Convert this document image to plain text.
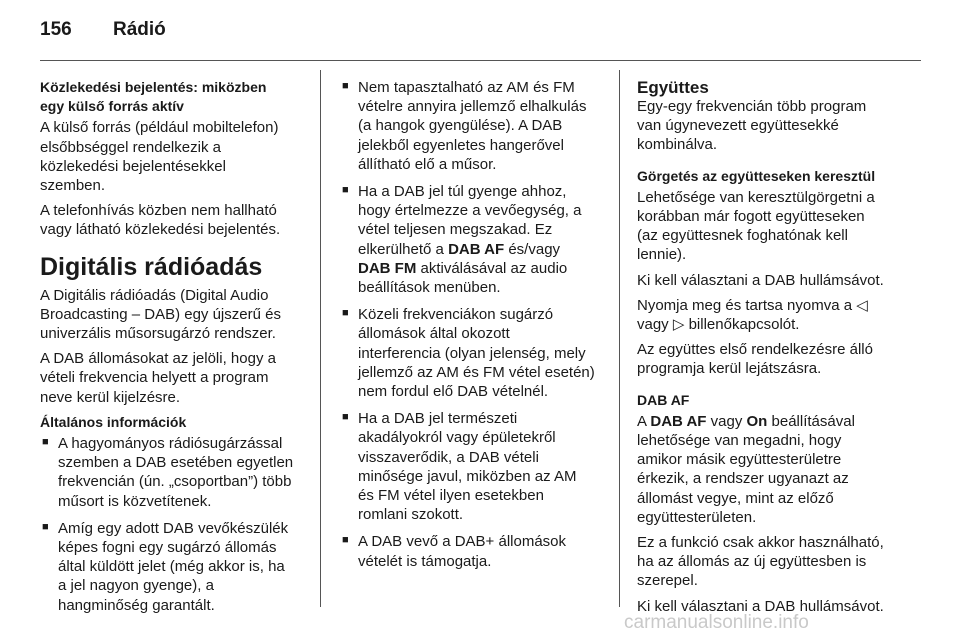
156 Rádió
Közlekedési bejelentés: miközben
egy külső forrás aktív

A külső forrás (például mobiltelefon)
elsőbbséggel rendelkezik a
közlekedési bejelentésekkel
szemben.

A telefonhívás közben nem hallható
vagy látható közlekedési bejelentés.

Digitális rádióadás

A Digitális rádióadás (Digital Audio
Broadcasting – DAB) egy újszerű és
univerzális műsorsugárzó rendszer.

A DAB állomásokat az jelöli, hogy a
vételi frekvencia helyett a program
neve kerül kijelzésre.

Általános információk
■ A hagyományos rádiósugárzással
szemben a DAB esetében egyetlen
frekvencián (ún. „csoportban”) több
műsort is közvetítenek.
■ Amíg egy adott DAB vevőkészülék
képes fogni egy sugárzó állomás
által küldött jelet (még akkor is, ha
a jel nagyon gyenge), a
hangminőség garantált.
■ Nem tapasztalható az AM és FM
vételre annyira jellemző elhalkulás
(a hangok gyengülése). A DAB
jelekből egyenletes hangerővel
állítható elő a műsor.
■ Ha a DAB jel túl gyenge ahhoz,
hogy értelmezze a vevőegység, a
vétel teljesen megszakad. Ez
elkerülhető a DAB AF és/vagy
DAB FM aktiválásával az audio
beállítások menüben.
■ Közeli frekvenciákon sugárzó
állomások által okozott
interferencia (olyan jelenség, mely
jellemző az AM és FM vétel esetén)
nem fordul elő DAB vételnél.
■ Ha a DAB jel természeti
akadályokról vagy épületekről
visszaverődik, a DAB vételi
minősége javul, miközben az AM
és FM vétel ilyen esetekben
romlani szokott.
■ A DAB vevő a DAB+ állomások
vételét is támogatja.
Együttes

Egy-egy frekvencián több program
van úgynevezett együttesekké
kombinálva.

Görgetés az együtteseken keresztül

Lehetősége van keresztülgörgetni a
korábban már fogott együtteseken
(az együttesnek foghatónak kell
lennie).

Ki kell választani a DAB hullámsávot.

Nyomja meg és tartsa nyomva a ◁
vagy ▷ billenőkapcsolót.

Az együttes első rendelkezésre álló
programja kerül lejátszásra.

DAB AF

A DAB AF vagy On beállításával
lehetősége van megadni, hogy
amikor másik együttesterületre
érkezik, a rendszer ugyanazt az
állomást vegye, mint az előző
együttesterületen.

Ez a funkció csak akkor használható,
ha az állomás az új együttesben is
szerepel.

Ki kell választani a DAB hullámsávot.

carmanualsonline.info
